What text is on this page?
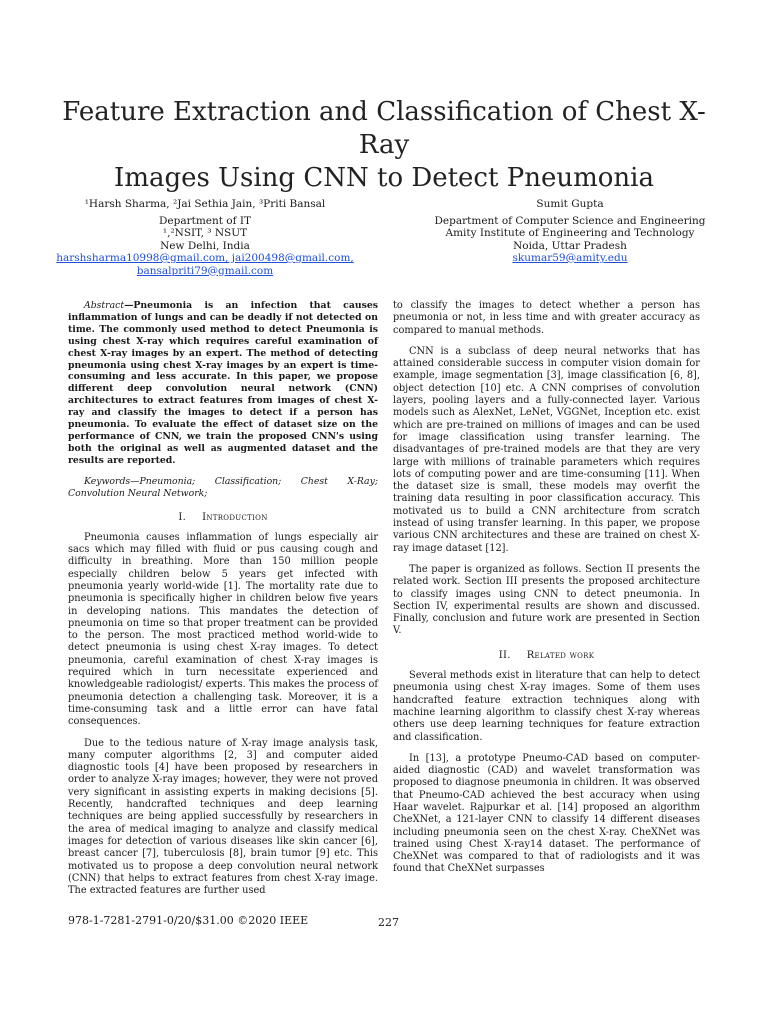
Feature Extraction and Classification of Chest X-Ray
Images Using CNN to Detect Pneumonia
¹Harsh Sharma, ²Jai Sethia Jain, ³Priti Bansal
Department of IT
¹,²NSIT, ³ NSUT
New Delhi, India
harshsharma10998@gmail.com, jai200498@gmail.com,
bansalpriti79@gmail.com
Sumit Gupta
Department of Computer Science and Engineering
Amity Institute of Engineering and Technology
Noida, Uttar Pradesh
skumar59@amity.edu

Abstract—Pneumonia is an infection that causes inflammation of lungs and can be deadly if not detected on time. The commonly used method to detect Pneumonia is using chest X-ray which requires careful examination of chest X-ray images by an expert. The method of detecting pneumonia using chest X-ray images by an expert is time-consuming and less accurate. In this paper, we propose different deep convolution neural network (CNN) architectures to extract features from images of chest X-ray and classify the images to detect if a person has pneumonia. To evaluate the effect of dataset size on the performance of CNN, we train the proposed CNN's using both the original as well as augmented dataset and the results are reported.

Keywords—Pneumonia; Classification; Chest X-Ray; Convolution Neural Network;

I. Introduction

Pneumonia causes inflammation of lungs especially air sacs which may filled with fluid or pus causing cough and difficulty in breathing. More than 150 million people especially children below 5 years get infected with pneumonia yearly world-wide [1]. The mortality rate due to pneumonia is specifically higher in children below five years in developing nations. This mandates the detection of pneumonia on time so that proper treatment can be provided to the person. The most practiced method world-wide to detect pneumonia is using chest X-ray images. To detect pneumonia, careful examination of chest X-ray images is required which in turn necessitate experienced and knowledgeable radiologist/ experts. This makes the process of pneumonia detection a challenging task. Moreover, it is a time-consuming task and a little error can have fatal consequences.

Due to the tedious nature of X-ray image analysis task, many computer algorithms [2, 3] and computer aided diagnostic tools [4] have been proposed by researchers in order to analyze X-ray images; however, they were not proved very significant in assisting experts in making decisions [5]. Recently, handcrafted techniques and deep learning techniques are being applied successfully by researchers in the area of medical imaging to analyze and classify medical images for detection of various diseases like skin cancer [6], breast cancer [7], tuberculosis [8], brain tumor [9] etc. This motivated us to propose a deep convolution neural network (CNN) that helps to extract features from chest X-ray image. The extracted features are further used

to classify the images to detect whether a person has pneumonia or not, in less time and with greater accuracy as compared to manual methods.

CNN is a subclass of deep neural networks that has attained considerable success in computer vision domain for example, image segmentation [3], image classification [6, 8], object detection [10] etc. A CNN comprises of convolution layers, pooling layers and a fully-connected layer. Various models such as AlexNet, LeNet, VGGNet, Inception etc. exist which are pre-trained on millions of images and can be used for image classification using transfer learning. The disadvantages of pre-trained models are that they are very large with millions of trainable parameters which requires lots of computing power and are time-consuming [11]. When the dataset size is small, these models may overfit the training data resulting in poor classification accuracy. This motivated us to build a CNN architecture from scratch instead of using transfer learning. In this paper, we propose various CNN architectures and these are trained on chest X-ray image dataset [12].

The paper is organized as follows. Section II presents the related work. Section III presents the proposed architecture to classify images using CNN to detect pneumonia. In Section IV, experimental results are shown and discussed. Finally, conclusion and future work are presented in Section V.

II. Related work

Several methods exist in literature that can help to detect pneumonia using chest X-ray images. Some of them uses handcrafted feature extraction techniques along with machine learning algorithm to classify chest X-ray whereas others use deep learning techniques for feature extraction and classification.

In [13], a prototype Pneumo-CAD based on computer-aided diagnostic (CAD) and wavelet transformation was proposed to diagnose pneumonia in children. It was observed that Pneumo-CAD achieved the best accuracy when using Haar wavelet. Rajpurkar et al. [14] proposed an algorithm CheXNet, a 121-layer CNN to classify 14 different diseases including pneumonia seen on the chest X-ray. CheXNet was trained using Chest X-ray14 dataset. The performance of CheXNet was compared to that of radiologists and it was found that CheXNet surpasses

978-1-7281-2791-0/20/$31.00 ©2020 IEEE	227
